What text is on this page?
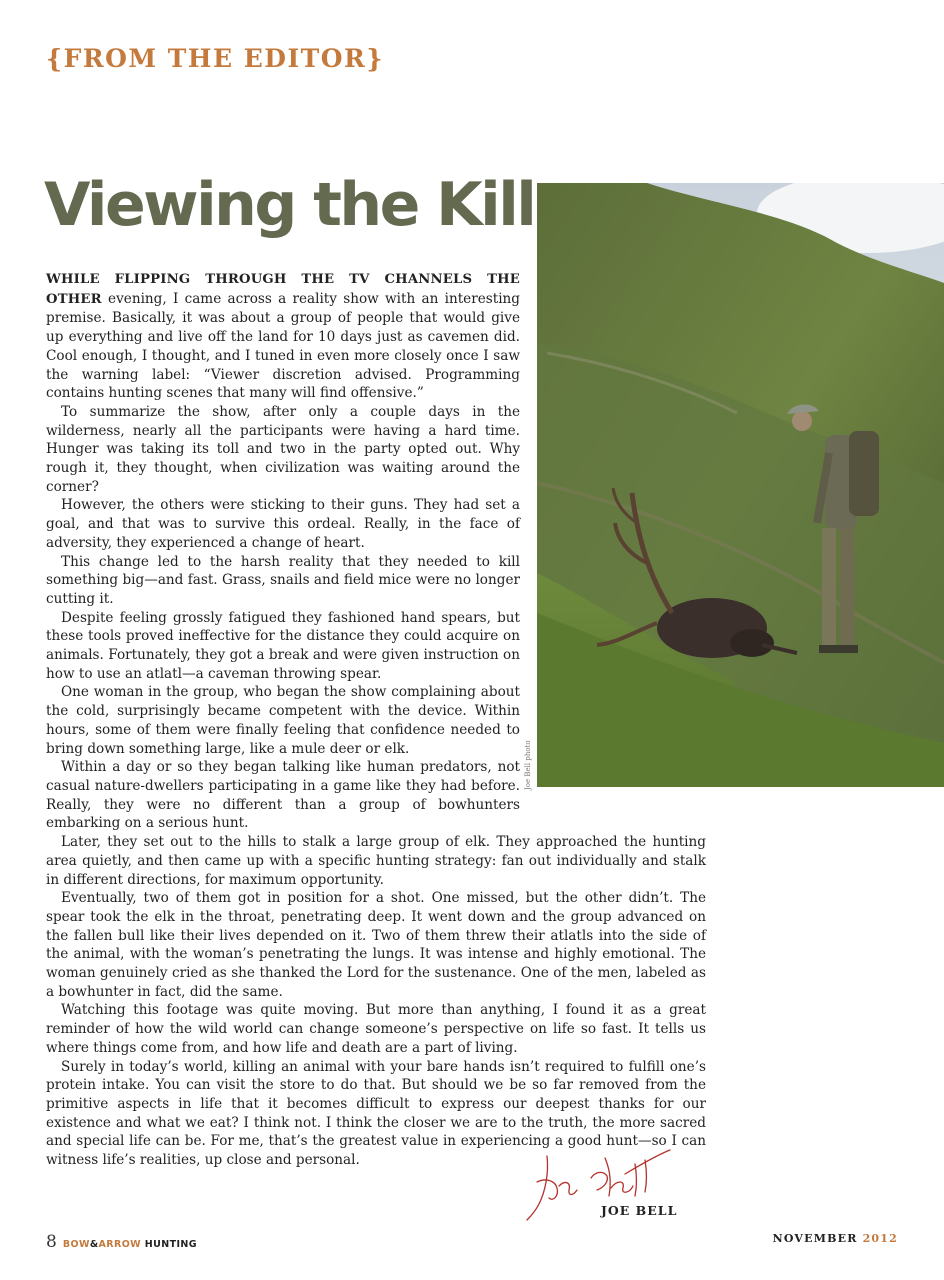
{FROM THE EDITOR}
Viewing the Kill
Joe Bell photo

WHILE FLIPPING THROUGH THE TV CHANNELS THE OTHER evening, I came across a reality show with an interesting premise. Basically, it was about a group of people that would give up everything and live off the land for 10 days just as cavemen did. Cool enough, I thought, and I tuned in even more closely once I saw the warning label: “Viewer discretion advised. Programming contains hunting scenes that many will find offensive.”

To summarize the show, after only a couple days in the wilderness, nearly all the participants were having a hard time. Hunger was taking its toll and two in the party opted out. Why rough it, they thought, when civilization was waiting around the corner?

However, the others were sticking to their guns. They had set a goal, and that was to survive this ordeal. Really, in the face of adversity, they experienced a change of heart.

This change led to the harsh reality that they needed to kill something big—and fast. Grass, snails and field mice were no longer cutting it.

Despite feeling grossly fatigued they fashioned hand spears, but these tools proved ineffective for the distance they could acquire on animals. Fortunately, they got a break and were given instruction on how to use an atlatl—a caveman throwing spear.

One woman in the group, who began the show complaining about the cold, surprisingly became competent with the device. Within hours, some of them were finally feeling that confidence needed to bring down something large, like a mule deer or elk.

Within a day or so they began talking like human predators, not casual nature-dwellers participating in a game like they had before. Really, they were no different than a group of bowhunters embarking on a serious hunt.

Later, they set out to the hills to stalk a large group of elk. They approached the hunting area quietly, and then came up with a specific hunting strategy: fan out individually and stalk in different directions, for maximum opportunity.

Eventually, two of them got in position for a shot. One missed, but the other didn’t. The spear took the elk in the throat, penetrating deep. It went down and the group advanced on the fallen bull like their lives depended on it. Two of them threw their atlatls into the side of the animal, with the woman’s penetrating the lungs. It was intense and highly emotional. The woman genuinely cried as she thanked the Lord for the sustenance. One of the men, labeled as a bowhunter in fact, did the same.

Watching this footage was quite moving. But more than anything, I found it as a great reminder of how the wild world can change someone’s perspective on life so fast. It tells us where things come from, and how life and death are a part of living.

Surely in today’s world, killing an animal with your bare hands isn’t required to fulfill one’s protein intake. You can visit the store to do that. But should we be so far removed from the primitive aspects in life that it becomes difficult to express our deepest thanks for our existence and what we eat? I think not. I think the closer we are to the truth, the more sacred and special life can be. For me, that’s the greatest value in experiencing a good hunt—so I can witness life’s realities, up close and personal.

JOE BELL
8 BOW&ARROW HUNTING	NOVEMBER 2012
